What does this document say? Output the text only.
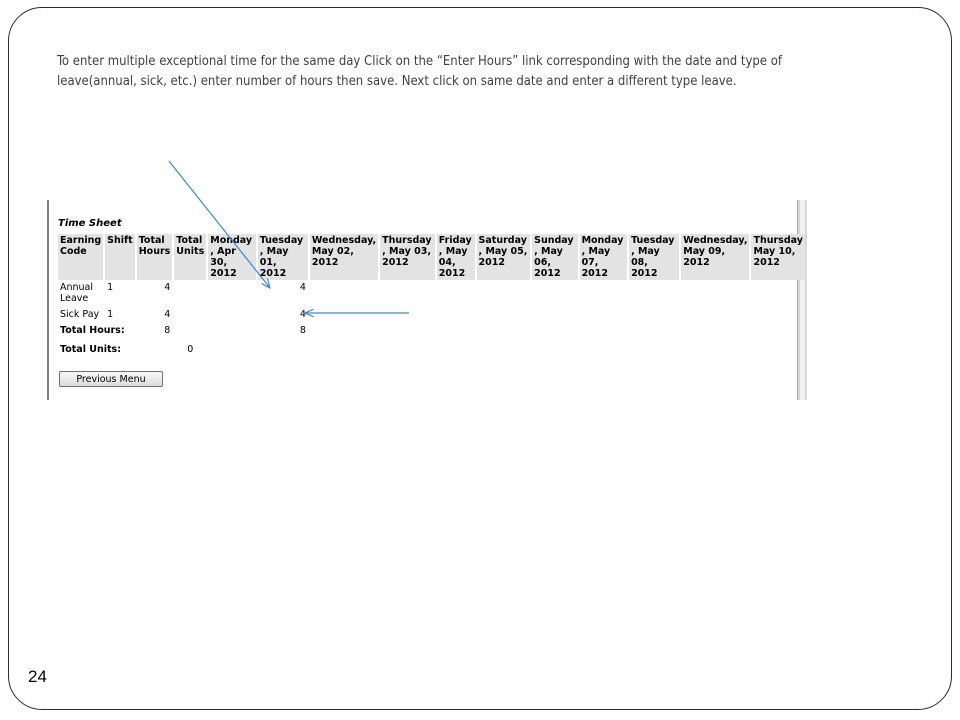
To enter multiple exceptional time for the same day Click on the “Enter Hours” link corresponding with the date and type of leave(annual, sick, etc.) enter number of hours then save. Next click on same date and enter a different type leave.

Time Sheet
Earning Code	Shift	Total Hours	Total Units	Monday , Apr 30, 2012	Tuesday , May 01, 2012	Wednesday, May 02, 2012	Thursday , May 03, 2012	Friday , May 04, 2012	Saturday , May 05, 2012	Sunday , May 06, 2012	Monday , May 07, 2012	Tuesday , May 08, 2012	Wednesday, May 09, 2012	Thursday May 10, 2012
Annual Leave	1	4			4									
Sick Pay	1	4			4									
Total Hours:		8			8									
Total Units:			0											
Previous Menu
24
